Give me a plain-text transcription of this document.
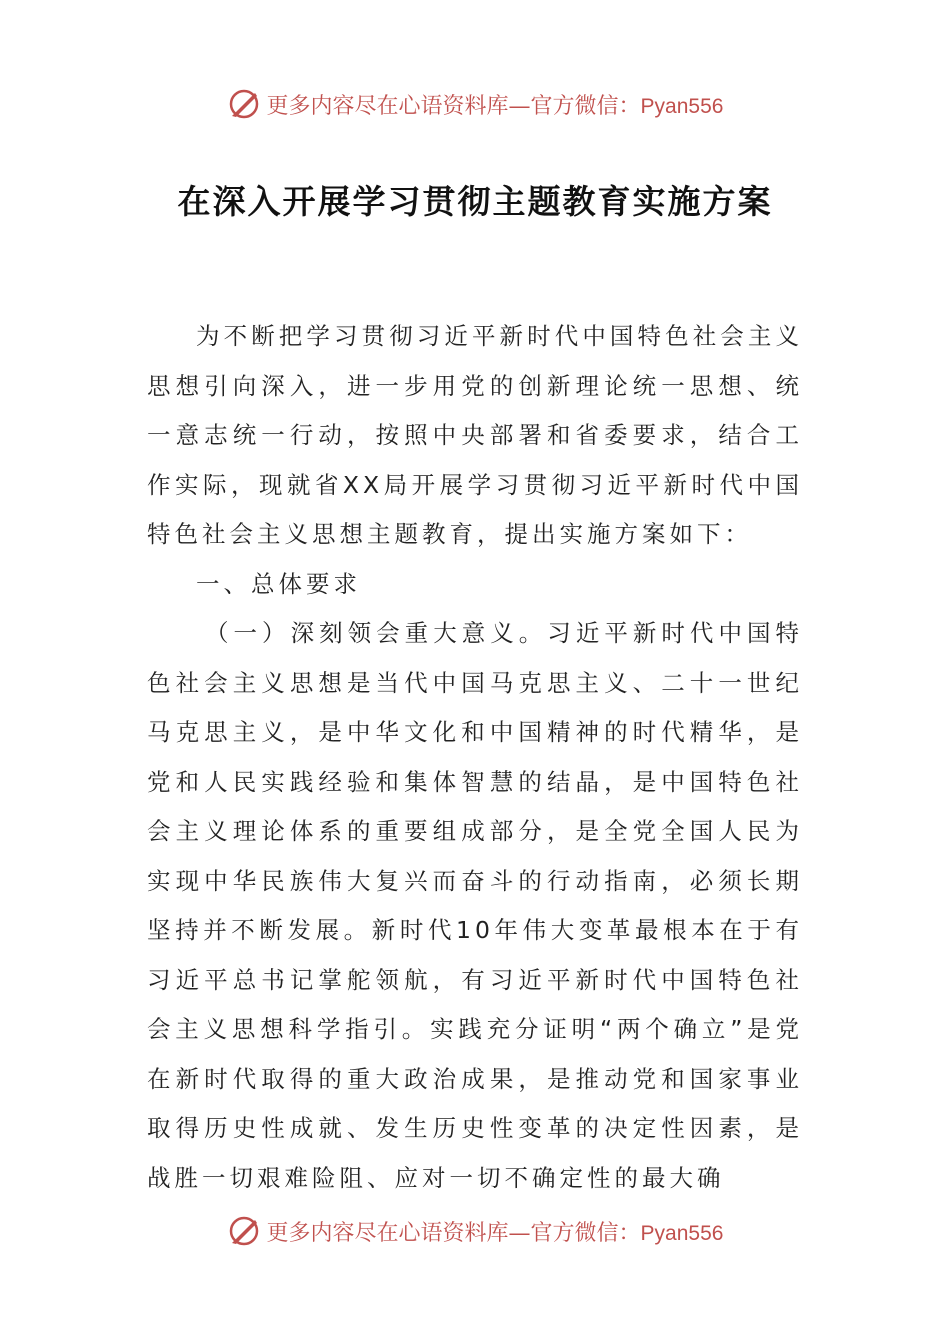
更多内容尽在心语资料库—官方微信：Pyan556
在深入开展学习贯彻主题教育实施方案

为不断把学习贯彻习近平新时代中国特色社会主义思想引向深入，进一步用党的创新理论统一思想、统一意志统一行动，按照中央部署和省委要求，结合工作实际，现就省XX局开展学习贯彻习近平新时代中国特色社会主义思想主题教育，提出实施方案如下：

一、总体要求

（一）深刻领会重大意义。习近平新时代中国特色社会主义思想是当代中国马克思主义、二十一世纪马克思主义，是中华文化和中国精神的时代精华，是党和人民实践经验和集体智慧的结晶，是中国特色社会主义理论体系的重要组成部分，是全党全国人民为实现中华民族伟大复兴而奋斗的行动指南，必须长期坚持并不断发展。新时代10年伟大变革最根本在于有习近平总书记掌舵领航，有习近平新时代中国特色社会主义思想科学指引。实践充分证明“两个确立”是党在新时代取得的重大政治成果，是推动党和国家事业取得历史性成就、发生历史性变革的决定性因素，是战胜一切艰难险阻、应对一切不确定性的最大确

更多内容尽在心语资料库—官方微信：Pyan556
